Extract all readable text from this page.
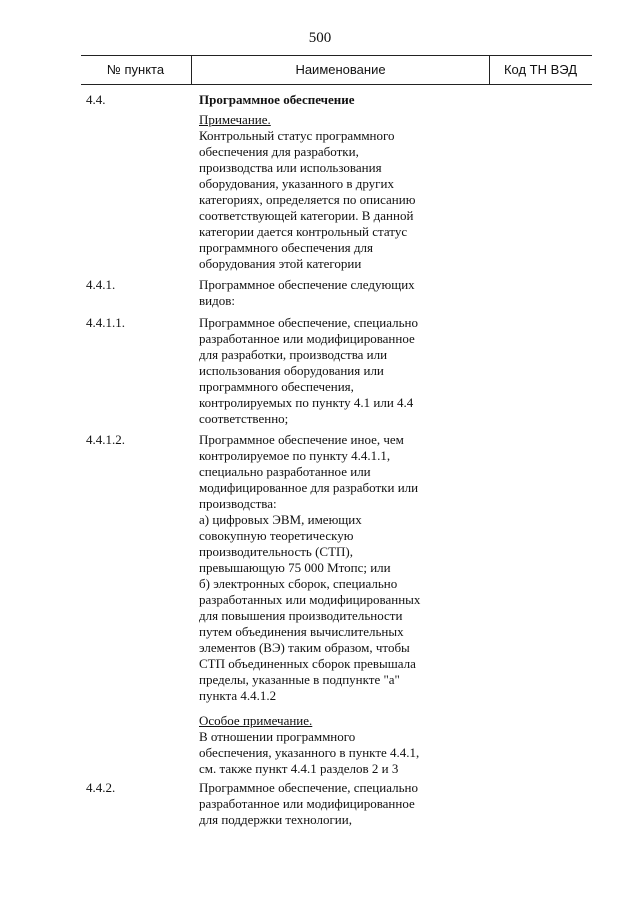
500
№ пункта	Наименование	Код ТН ВЭД
4.4.	Программное обеспечение

Примечание.

Контрольный статус программного

обеспечения для разработки,

производства или использования

оборудования, указанного в других

категориях, определяется по описанию

соответствующей категории. В данной

категории дается контрольный статус

программного обеспечения для

оборудования этой категории

4.4.1.	Программное обеспечение следующих

видов:

4.4.1.1.	Программное обеспечение, специально

разработанное или модифицированное

для разработки, производства или

использования оборудования или

программного обеспечения,

контролируемых по пункту 4.1 или 4.4

соответственно;

4.4.1.2.	Программное обеспечение иное, чем

контролируемое по пункту 4.4.1.1,

специально разработанное или

модифицированное для разработки или

производства:

а) цифровых ЭВМ, имеющих

совокупную теоретическую

производительность (СТП),

превышающую 75 000 Мтопс; или

б) электронных сборок, специально

разработанных или модифицированных

для повышения производительности

путем объединения вычислительных

элементов (ВЭ) таким образом, чтобы

СТП объединенных сборок превышала

пределы, указанные в подпункте "а"

пункта 4.4.1.2

Особое примечание.

В отношении программного

обеспечения, указанного в пункте 4.4.1,

см. также пункт 4.4.1 разделов 2 и 3

4.4.2.	Программное обеспечение, специально

разработанное или модифицированное

для поддержки технологии,
